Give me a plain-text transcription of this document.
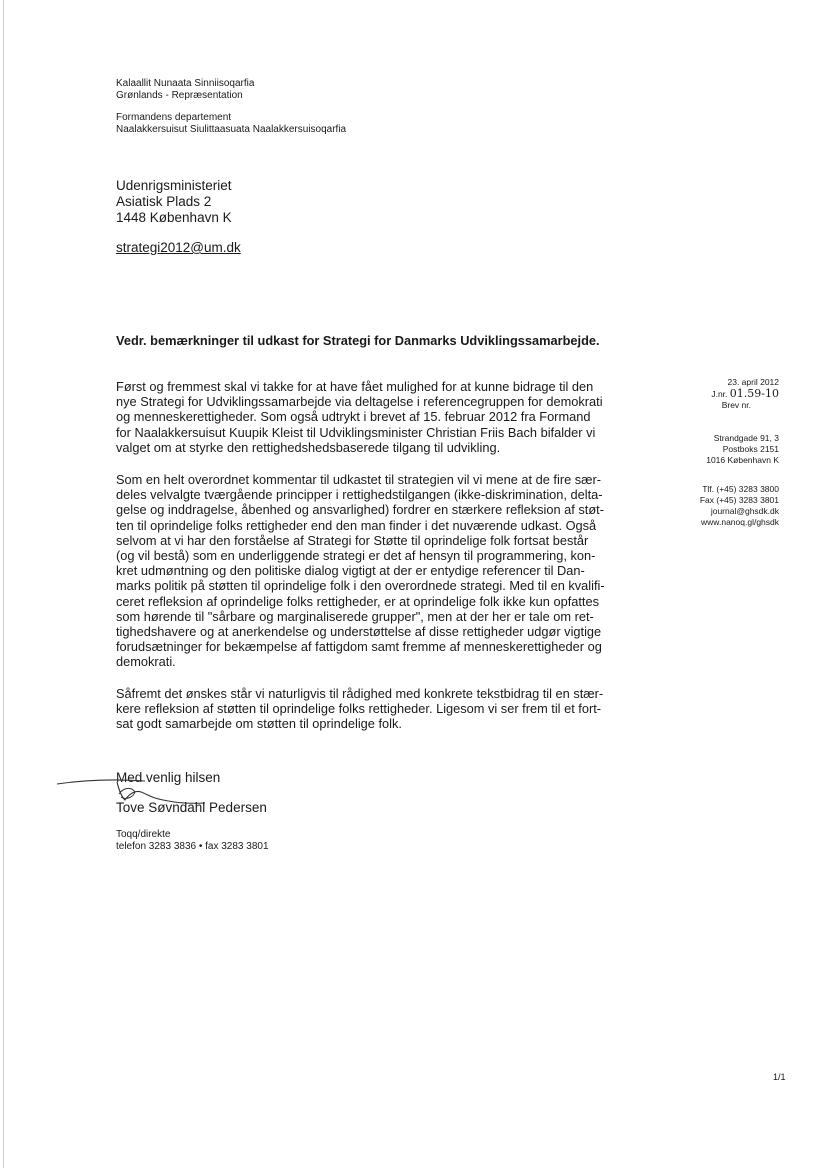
Kalaallit Nunaata Sinniisoqarfia
Grønlands - Repræsentation
Formandens departement
Naalakkersuisut Siulittaasuata Naalakkersuisoqarfia
Udenrigsministeriet
Asiatisk Plads 2
1448 København K
strategi2012@um.dk
Vedr. bemærkninger til udkast for Strategi for Danmarks Udviklingssamarbejde.
Først og fremmest skal vi takke for at have fået mulighed for at kunne bidrage til den
nye Strategi for Udviklingssamarbejde via deltagelse i referencegruppen for demokrati
og menneskerettigheder. Som også udtrykt i brevet af 15. februar 2012 fra Formand
for Naalakkersuisut Kuupik Kleist til Udviklingsminister Christian Friis Bach bifalder vi
valget om at styrke den rettighedshedsbaserede tilgang til udvikling.
Som en helt overordnet kommentar til udkastet til strategien vil vi mene at de fire sær-
deles velvalgte tværgående principper i rettighedstilgangen (ikke-diskrimination, delta-
gelse og inddragelse, åbenhed og ansvarlighed) fordrer en stærkere refleksion af støt-
ten til oprindelige folks rettigheder end den man finder i det nuværende udkast. Også
selvom at vi har den forståelse af Strategi for Støtte til oprindelige folk fortsat består
(og vil bestå) som en underliggende strategi er det af hensyn til programmering, kon-
kret udmøntning og den politiske dialog vigtigt at der er entydige referencer til Dan-
marks politik på støtten til oprindelige folk i den overordnede strategi. Med til en kvalifi-
ceret refleksion af oprindelige folks rettigheder, er at oprindelige folk ikke kun opfattes
som hørende til "sårbare og marginaliserede grupper", men at der her er tale om ret-
tighedshavere og at anerkendelse og understøttelse af disse rettigheder udgør vigtige
forudsætninger for bekæmpelse af fattigdom samt fremme af menneskerettigheder og
demokrati.
Såfremt det ønskes står vi naturligvis til rådighed med konkrete tekstbidrag til en stær-
kere refleksion af støtten til oprindelige folks rettigheder. Ligesom vi ser frem til et fort-
sat godt samarbejde om støtten til oprindelige folk.
Med venlig hilsen
Tove Søvndahl Pedersen
Toqq/direkte
telefon 3283 3836 • fax 3283 3801
23. april 2012
J.nr. 01.59-10
Brev nr.
Strandgade 91, 3
Postboks 2151
1016 København K
Tlf. (+45) 3283 3800
Fax (+45) 3283 3801
journal@ghsdk.dk
www.nanoq.gl/ghsdk
1/1
